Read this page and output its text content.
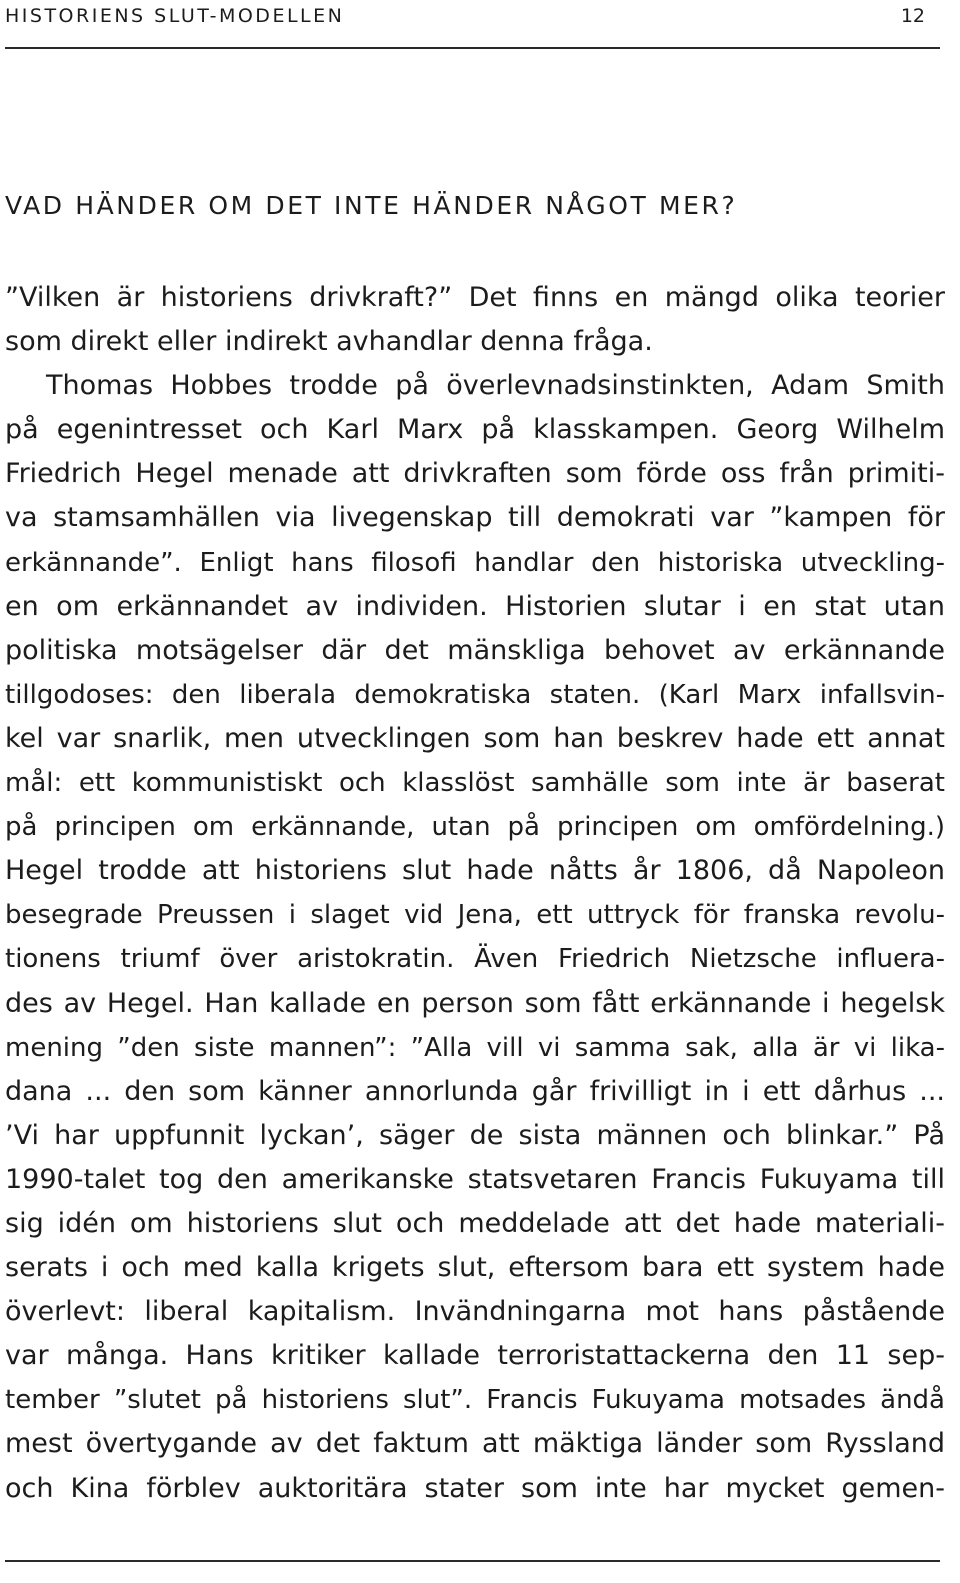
HISTORIENS SLUT-MODELLEN	12
VAD HÄNDER OM DET INTE HÄNDER NÅGOT MER?
”Vilken är historiens drivkraft?” Det finns en mängd olika teorier
som direkt eller indirekt avhandlar denna fråga.
Thomas Hobbes trodde på överlevnadsinstinkten, Adam Smith
på egenintresset och Karl Marx på klasskampen. Georg Wilhelm
Friedrich Hegel menade att drivkraften som förde oss från primiti-
va stamsamhällen via livegenskap till demokrati var ”kampen för
erkännande”. Enligt hans filosofi handlar den historiska utveckling-
en om erkännandet av individen. Historien slutar i en stat utan
politiska motsägelser där det mänskliga behovet av erkännande
tillgodoses: den liberala demokratiska staten. (Karl Marx infallsvin-
kel var snarlik, men utvecklingen som han beskrev hade ett annat
mål: ett kommunistiskt och klasslöst samhälle som inte är baserat
på principen om erkännande, utan på principen om omfördelning.)
Hegel trodde att historiens slut hade nåtts år 1806, då Napoleon
besegrade Preussen i slaget vid Jena, ett uttryck för franska revolu-
tionens triumf över aristokratin. Även Friedrich Nietzsche influera-
des av Hegel. Han kallade en person som fått erkännande i hegelsk
mening ”den siste mannen”: ”Alla vill vi samma sak, alla är vi lika-
dana ... den som känner annorlunda går frivilligt in i ett dårhus ...
’Vi har uppfunnit lyckan’, säger de sista männen och blinkar.” På
1990-talet tog den amerikanske statsvetaren Francis Fukuyama till
sig idén om historiens slut och meddelade att det hade materiali-
serats i och med kalla krigets slut, eftersom bara ett system hade
överlevt: liberal kapitalism. Invändningarna mot hans påstående
var många. Hans kritiker kallade terroristattackerna den 11 sep-
tember ”slutet på historiens slut”. Francis Fukuyama motsades ändå
mest övertygande av det faktum att mäktiga länder som Ryssland
och Kina förblev auktoritära stater som inte har mycket gemen-
